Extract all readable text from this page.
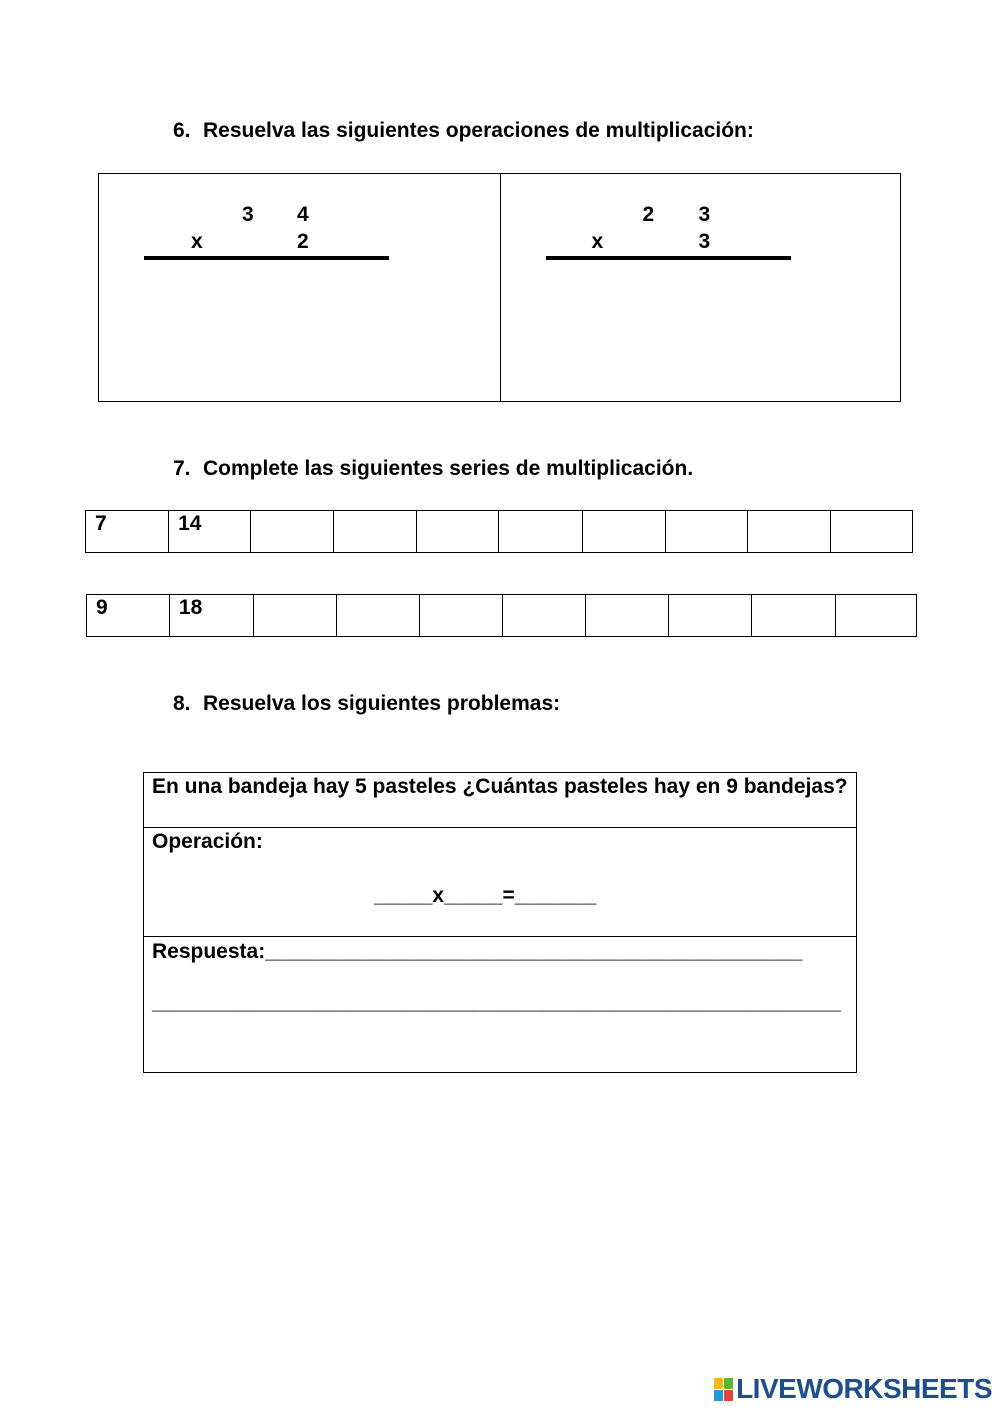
6. Resuelva las siguientes operaciones de multiplicación:
3 4
x	2
2 3
x	3
7. Complete las siguientes series de multiplicación.
7	14								
9	18								
8. Resuelva los siguientes problemas:
En una bandeja hay 5 pasteles ¿Cuántas pasteles hay en 9 bandejas?
Operación:
_____x_____=_______

Respuesta:______________________________________________
____________________________________________________________
LIVEWORKSHEETS
